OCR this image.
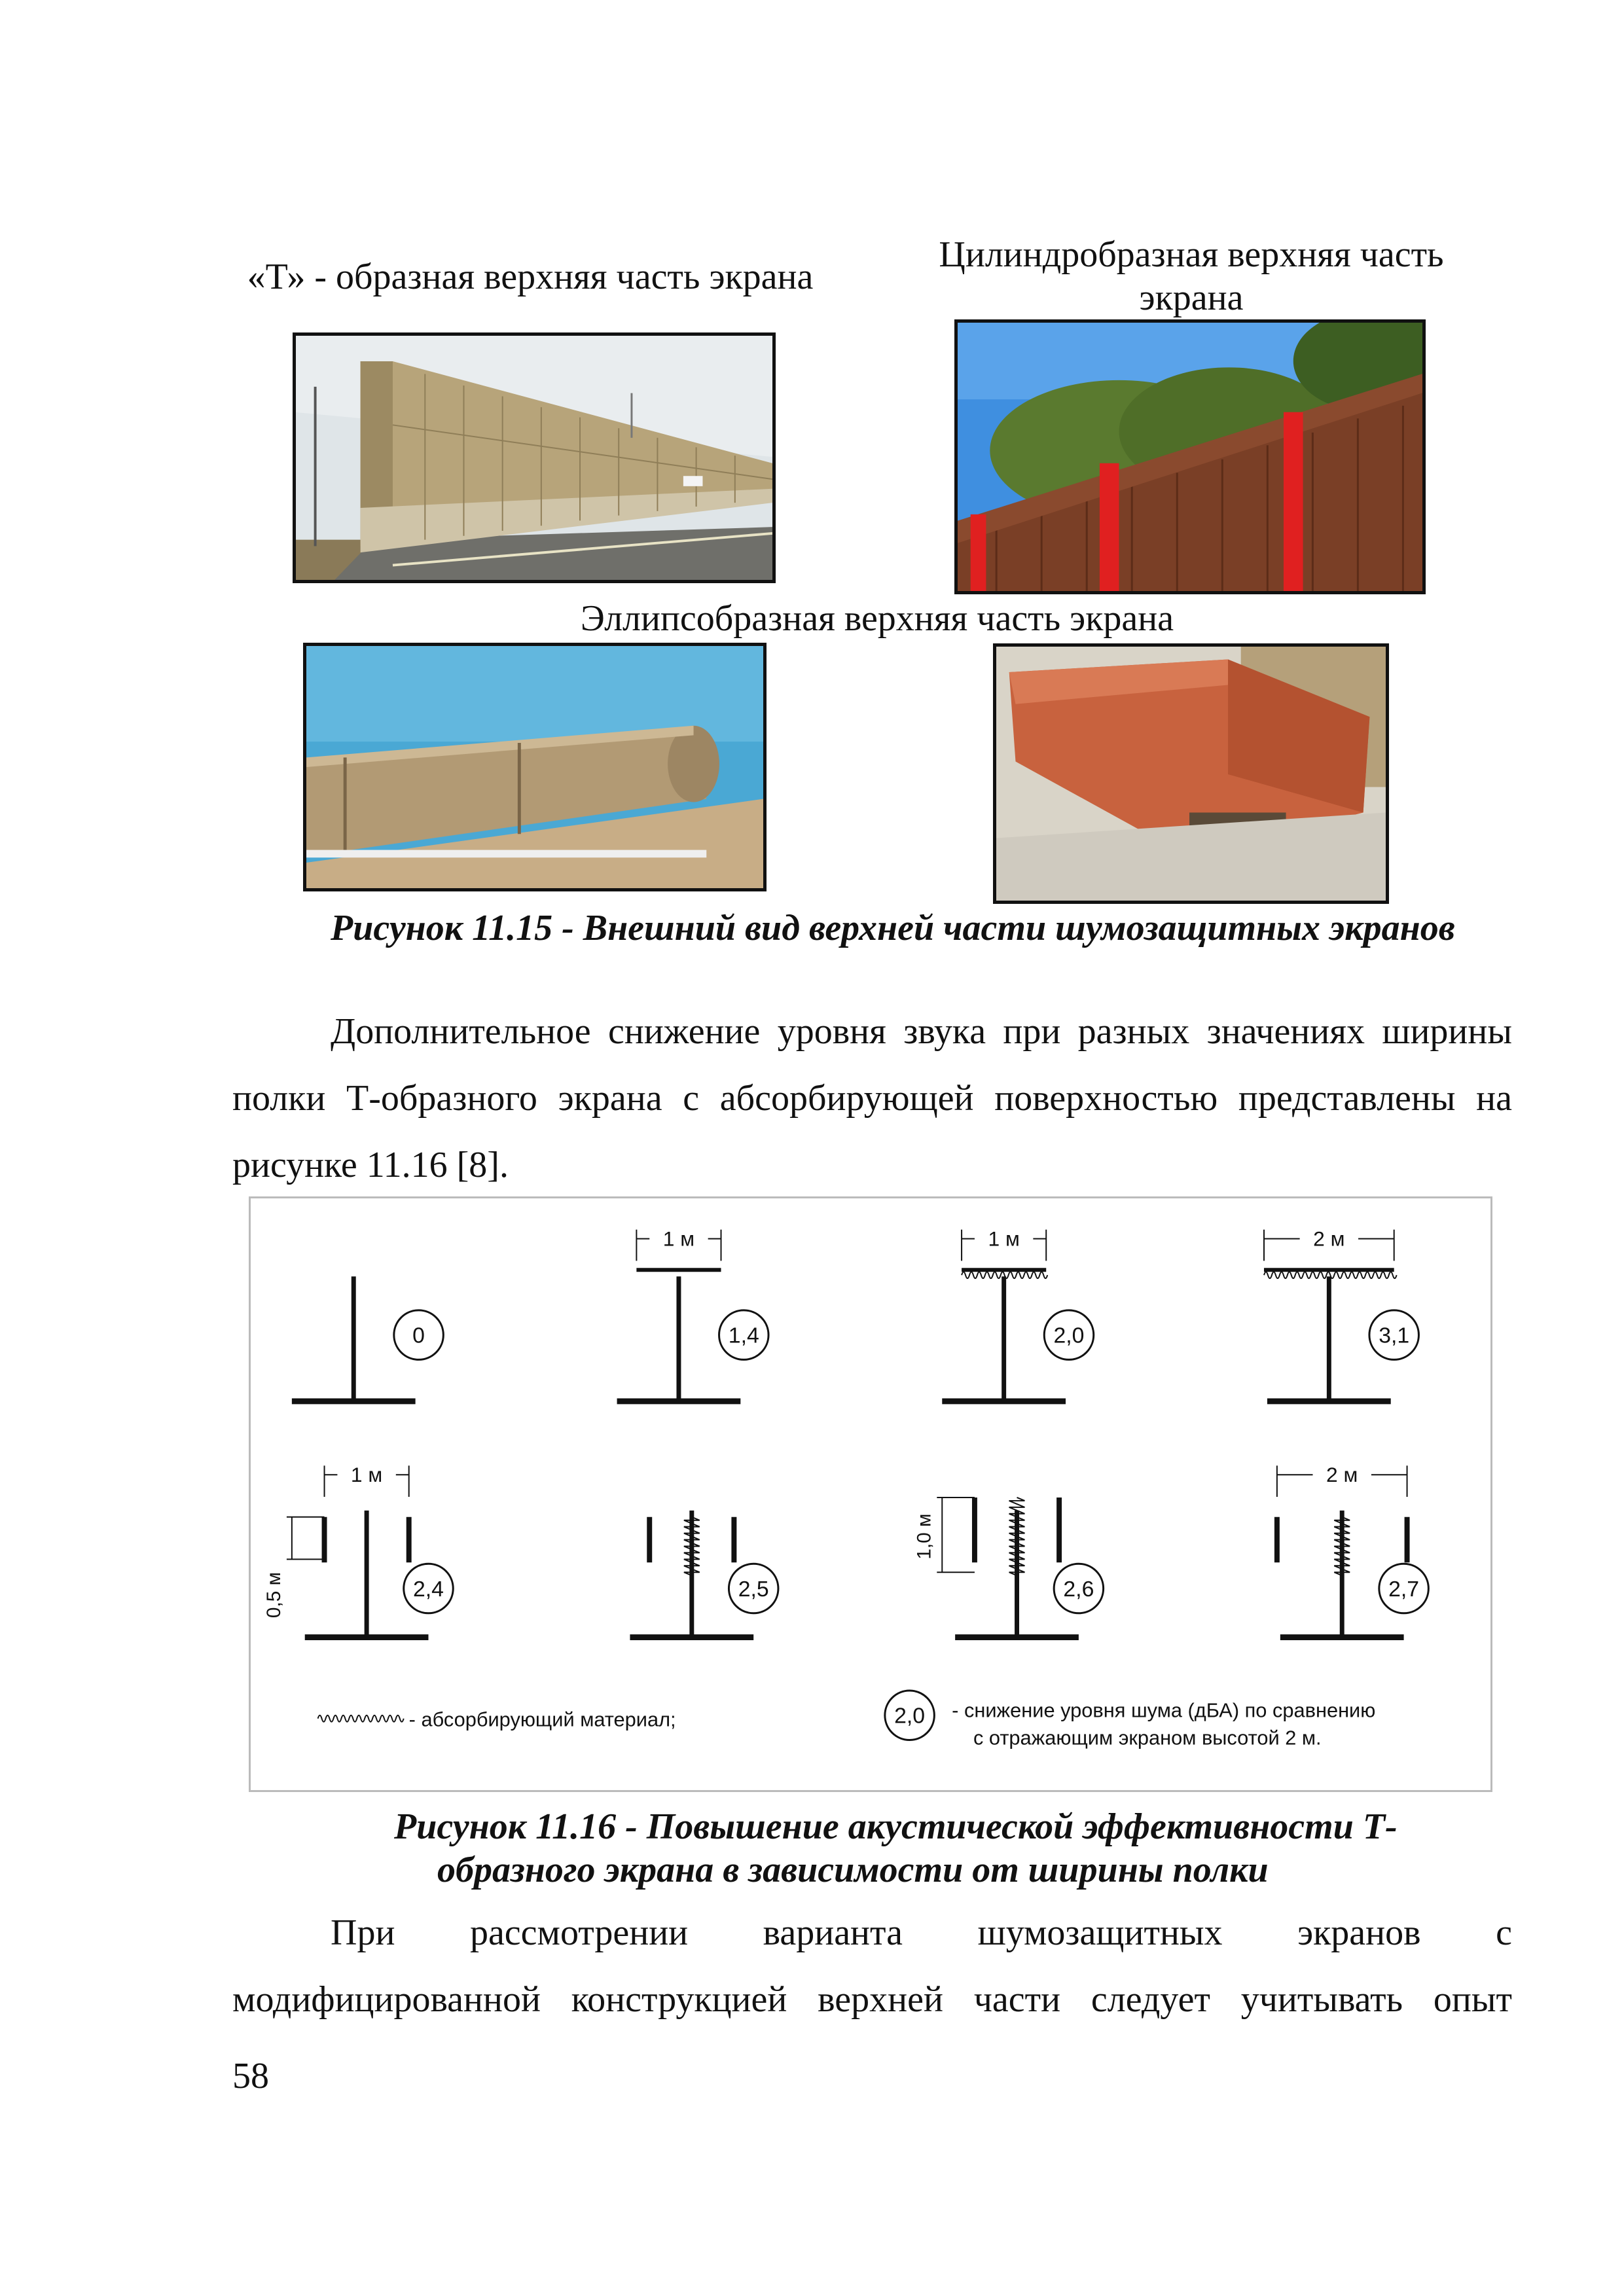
«Т» - образная верхняя часть экрана
Цилиндробразная верхняя часть
экрана
Эллипсобразная верхняя часть экрана
Рисунок 11.15 - Внешний вид верхней части шумозащитных экранов
Дополнительное снижение уровня звука при разных значениях ширины
полки Т-образного экрана с абсорбирующей поверхностью представлены на
рисунке 11.16 [8].
0
1 м
1,4
1 м
2,0
2 м
3,1
1 м
0,5 м	2,4	2,5
1,0 м
2,6
2 м
2,7
- абсорбирующий материал;	2,0 - снижение уровня шума (дБА) по сравнению
с отражающим экраном высотой 2 м.
Рисунок 11.16 - Повышение акустической эффективности Т-
образного экрана в зависимости от ширины полки
При рассмотрении варианта шумозащитных экранов с
модифицированной конструкцией верхней части следует учитывать опыт
58
